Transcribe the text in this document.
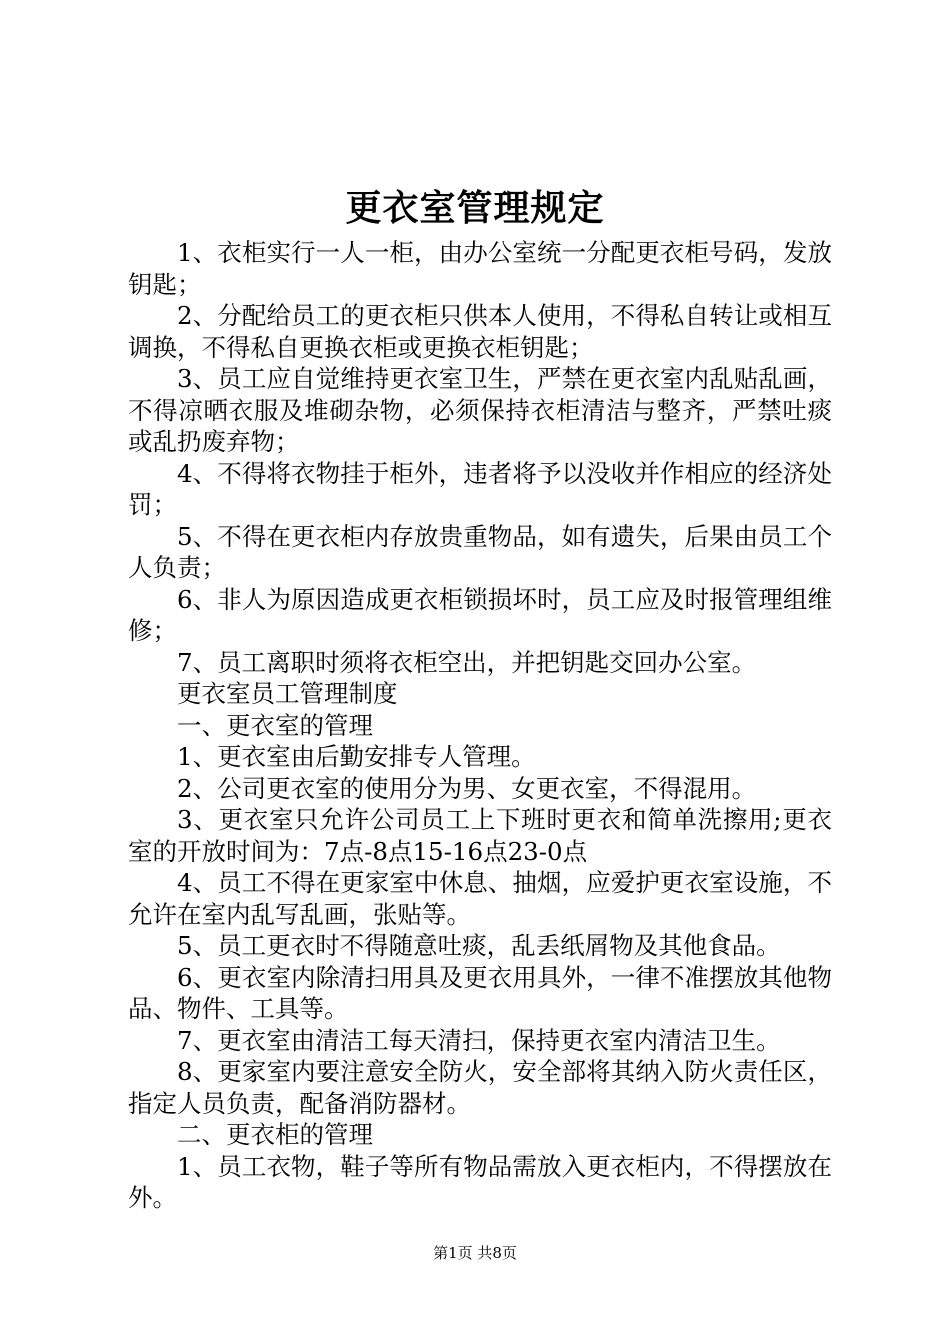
更衣室管理规定

1、衣柜实行一人一柜，由办公室统一分配更衣柜号码，发放钥匙；

2、分配给员工的更衣柜只供本人使用，不得私自转让或相互调换，不得私自更换衣柜或更换衣柜钥匙；

3、员工应自觉维持更衣室卫生，严禁在更衣室内乱贴乱画，不得凉晒衣服及堆砌杂物，必须保持衣柜清洁与整齐，严禁吐痰或乱扔废弃物；

4、不得将衣物挂于柜外，违者将予以没收并作相应的经济处罚；

5、不得在更衣柜内存放贵重物品，如有遗失，后果由员工个人负责；

6、非人为原因造成更衣柜锁损坏时，员工应及时报管理组维修；

7、员工离职时须将衣柜空出，并把钥匙交回办公室。

更衣室员工管理制度

一、更衣室的管理

1、更衣室由后勤安排专人管理。

2、公司更衣室的使用分为男、女更衣室，不得混用。

3、更衣室只允许公司员工上下班时更衣和简单洗擦用;更衣室的开放时间为：7点-8点15-16点23-0点

4、员工不得在更家室中休息、抽烟，应爱护更衣室设施，不允许在室内乱写乱画，张贴等。

5、员工更衣时不得随意吐痰，乱丢纸屑物及其他食品。

6、更衣室内除清扫用具及更衣用具外，一律不准摆放其他物品、物件、工具等。

7、更衣室由清洁工每天清扫，保持更衣室内清洁卫生。

8、更家室内要注意安全防火，安全部将其纳入防火责任区，指定人员负责，配备消防器材。

二、更衣柜的管理

1、员工衣物，鞋子等所有物品需放入更衣柜内，不得摆放在外。

第1页 共8页
